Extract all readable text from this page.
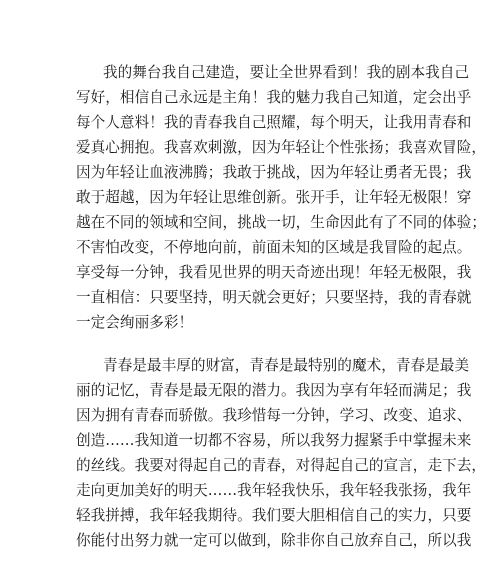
我的舞台我自己建造，要让全世界看到！我的剧本我自己
写好，相信自己永远是主角！我的魅力我自己知道，定会出乎
每个人意料！我的青春我自己照耀，每个明天，让我用青春和
爱真心拥抱。我喜欢刺激，因为年轻让个性张扬；我喜欢冒险，
因为年轻让血液沸腾；我敢于挑战，因为年轻让勇者无畏；我
敢于超越，因为年轻让思维创新。张开手，让年轻无极限！穿
越在不同的领域和空间，挑战一切，生命因此有了不同的体验；
不害怕改变，不停地向前，前面未知的区域是我冒险的起点。
享受每一分钟，我看见世界的明天奇迹出现！年轻无极限，我
一直相信：只要坚持，明天就会更好；只要坚持，我的青春就
一定会绚丽多彩！
青春是最丰厚的财富，青春是最特别的魔术，青春是最美
丽的记忆，青春是最无限的潜力。我因为享有年轻而满足；我
因为拥有青春而骄傲。我珍惜每一分钟，学习、改变、追求、
创造……我知道一切都不容易，所以我努力握紧手中掌握未来
的丝线。我要对得起自己的青春，对得起自己的宣言，走下去，
走向更加美好的明天……我年轻我快乐，我年轻我张扬，我年
轻我拼搏，我年轻我期待。我们要大胆相信自己的实力，只要
你能付出努力就一定可以做到，除非你自己放弃自己，所以我
